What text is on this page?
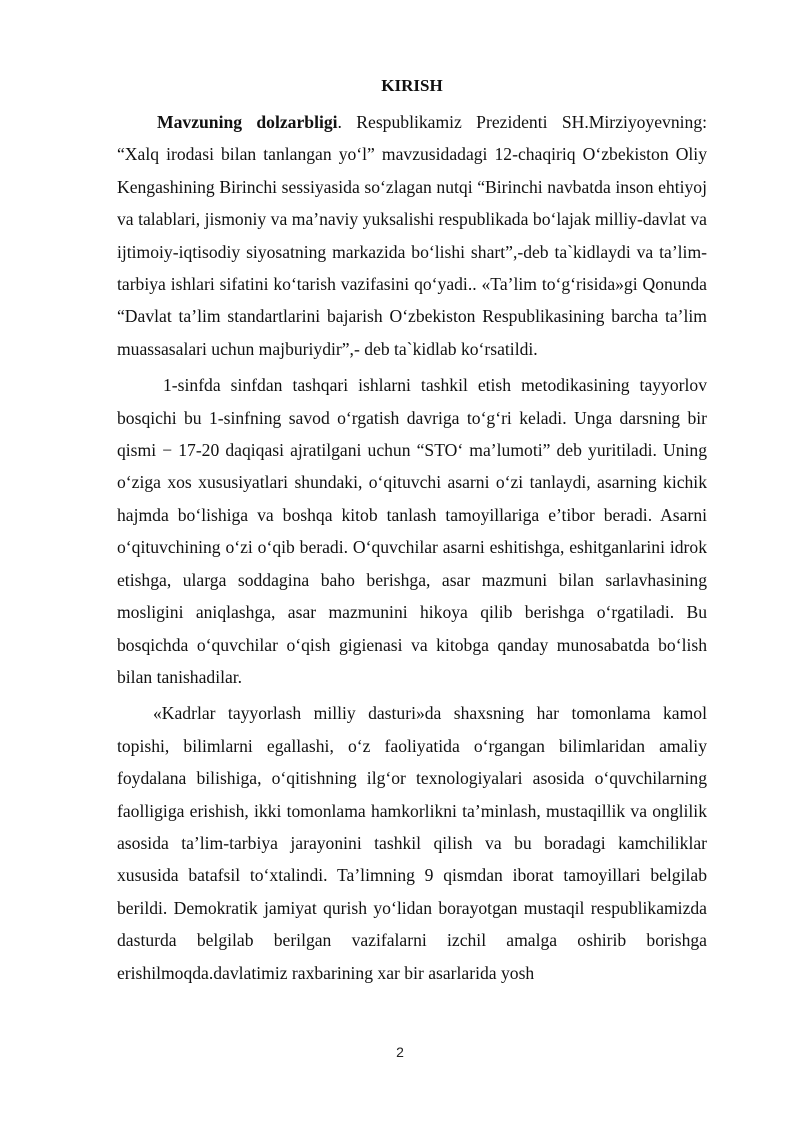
KIRISH

Mavzuning dolzarbligi. Respublikamiz Prezidenti SH.Mirziyoyevning: “Xalq irodasi bilan tanlangan yo‘l” mavzusidadagi 12-chaqiriq O‘zbekiston Oliy Kengashining Birinchi sessiyasida so‘zlagan nutqi “Birinchi navbatda inson ehtiyoj va talablari, jismoniy va ma’naviy yuksalishi respublikada bo‘lajak milliy-davlat va ijtimoiy-iqtisodiy siyosatning markazida bo‘lishi shart”,-deb ta`kidlaydi va ta’lim-tarbiya ishlari sifatini ko‘tarish vazifasini qo‘yadi.. «Ta’lim to‘g‘risida»gi Qonunda “Davlat ta’lim standartlarini bajarish O‘zbekiston Respublikasining barcha ta’lim muassasalari uchun majburiydir”,- deb ta`kidlab ko‘rsatildi.

1-sinfda sinfdan tashqari ishlarni tashkil etish metodikasining tayyorlov bosqichi bu 1-sinfning savod o‘rgatish davriga to‘g‘ri keladi. Unga darsning bir qismi − 17-20 daqiqasi ajratilgani uchun “STO‘ ma’lumoti” deb yuritiladi. Uning o‘ziga xos xususiyatlari shundaki, o‘qituvchi asarni o‘zi tanlaydi, asarning kichik hajmda bo‘lishiga va boshqa kitob tanlash tamoyillariga e’tibor beradi. Asarni o‘qituvchining o‘zi o‘qib beradi. O‘quvchilar asarni eshitishga, eshitganlarini idrok etishga, ularga soddagina baho berishga, asar mazmuni bilan sarlavhasining mosligini aniqlashga, asar mazmunini hikoya qilib berishga o‘rgatiladi. Bu bosqichda o‘quvchilar o‘qish gigienasi va kitobga qanday munosabatda bo‘lish bilan tanishadilar.

«Kadrlar tayyorlash milliy dasturi»da shaxsning har tomonlama kamol topishi, bilimlarni egallashi, o‘z faoliyatida o‘rgangan bilimlaridan amaliy foydalana bilishiga, o‘qitishning ilg‘or texnologiyalari asosida o‘quvchilarning faolligiga erishish, ikki tomonlama hamkorlikni ta’minlash, mustaqillik va onglilik asosida ta’lim-tarbiya jarayonini tashkil qilish va bu boradagi kamchiliklar xususida batafsil to‘xtalindi. Ta’limning 9 qismdan iborat tamoyillari belgilab berildi. Demokratik jamiyat qurish yo‘lidan borayotgan mustaqil respublikamizda dasturda belgilab berilgan vazifalarni izchil amalga oshirib borishga erishilmoqda.davlatimiz raxbarining xar bir asarlarida yosh

2
